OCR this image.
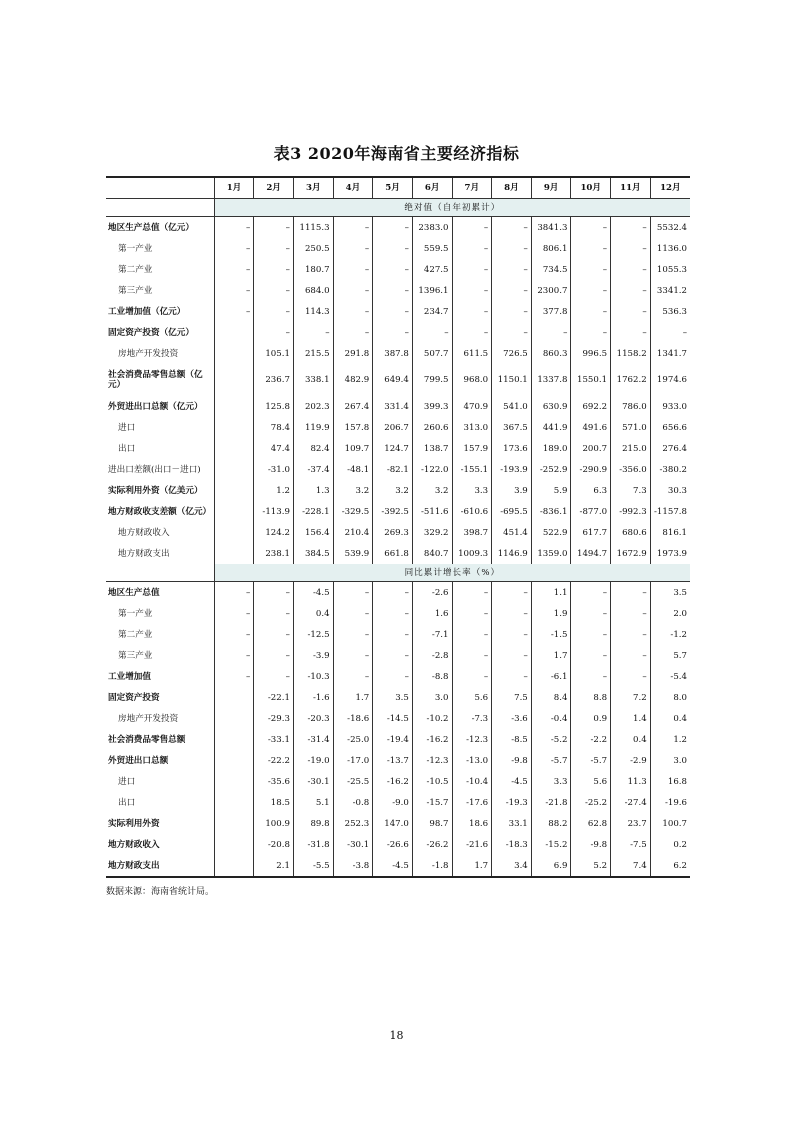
表3 2020年海南省主要经济指标
	1月	2月	3月	4月	5月	6月	7月	8月	9月	10月	11月	12月
	绝对值（自年初累计）											
地区生产总值（亿元）	–	–	1115.3	–	–	2383.0	–	–	3841.3	–	–	5532.4
第一产业	–	–	250.5	–	–	559.5	–	–	806.1	–	–	1136.0
第二产业	–	–	180.7	–	–	427.5	–	–	734.5	–	–	1055.3
第三产业	–	–	684.0	–	–	1396.1	–	–	2300.7	–	–	3341.2
工业增加值（亿元）	–	–	114.3	–	–	234.7	–	–	377.8	–	–	536.3
固定资产投资（亿元）		–	–	–	–	–	–	–	–	–	–	–
房地产开发投资		105.1	215.5	291.8	387.8	507.7	611.5	726.5	860.3	996.5	1158.2	1341.7
社会消费品零售总额（亿元）		236.7	338.1	482.9	649.4	799.5	968.0	1150.1	1337.8	1550.1	1762.2	1974.6
外贸进出口总额（亿元）		125.8	202.3	267.4	331.4	399.3	470.9	541.0	630.9	692.2	786.0	933.0
进口		78.4	119.9	157.8	206.7	260.6	313.0	367.5	441.9	491.6	571.0	656.6
出口		47.4	82.4	109.7	124.7	138.7	157.9	173.6	189.0	200.7	215.0	276.4
进出口差额(出口－进口)		-31.0	-37.4	-48.1	-82.1	-122.0	-155.1	-193.9	-252.9	-290.9	-356.0	-380.2
实际利用外资（亿美元）		1.2	1.3	3.2	3.2	3.2	3.3	3.9	5.9	6.3	7.3	30.3
地方财政收支差额（亿元）		-113.9	-228.1	-329.5	-392.5	-511.6	-610.6	-695.5	-836.1	-877.0	-992.3	-1157.8
地方财政收入		124.2	156.4	210.4	269.3	329.2	398.7	451.4	522.9	617.7	680.6	816.1
地方财政支出		238.1	384.5	539.9	661.8	840.7	1009.3	1146.9	1359.0	1494.7	1672.9	1973.9
	同比累计增长率（%）											
地区生产总值	–	–	-4.5	–	–	-2.6	–	–	1.1	–	–	3.5
第一产业	–	–	0.4	–	–	1.6	–	–	1.9	–	–	2.0
第二产业	–	–	-12.5	–	–	-7.1	–	–	-1.5	–	–	-1.2
第三产业	–	–	-3.9	–	–	-2.8	–	–	1.7	–	–	5.7
工业增加值	–	–	-10.3	–	–	-8.8	–	–	-6.1	–	–	-5.4
固定资产投资		-22.1	-1.6	1.7	3.5	3.0	5.6	7.5	8.4	8.8	7.2	8.0
房地产开发投资		-29.3	-20.3	-18.6	-14.5	-10.2	-7.3	-3.6	-0.4	0.9	1.4	0.4
社会消费品零售总额		-33.1	-31.4	-25.0	-19.4	-16.2	-12.3	-8.5	-5.2	-2.2	0.4	1.2
外贸进出口总额		-22.2	-19.0	-17.0	-13.7	-12.3	-13.0	-9.8	-5.7	-5.7	-2.9	3.0
进口		-35.6	-30.1	-25.5	-16.2	-10.5	-10.4	-4.5	3.3	5.6	11.3	16.8
出口		18.5	5.1	-0.8	-9.0	-15.7	-17.6	-19.3	-21.8	-25.2	-27.4	-19.6
实际利用外资		100.9	89.8	252.3	147.0	98.7	18.6	33.1	88.2	62.8	23.7	100.7
地方财政收入		-20.8	-31.8	-30.1	-26.6	-26.2	-21.6	-18.3	-15.2	-9.8	-7.5	0.2
地方财政支出		2.1	-5.5	-3.8	-4.5	-1.8	1.7	3.4	6.9	5.2	7.4	6.2
数据来源：海南省统计局。
18
